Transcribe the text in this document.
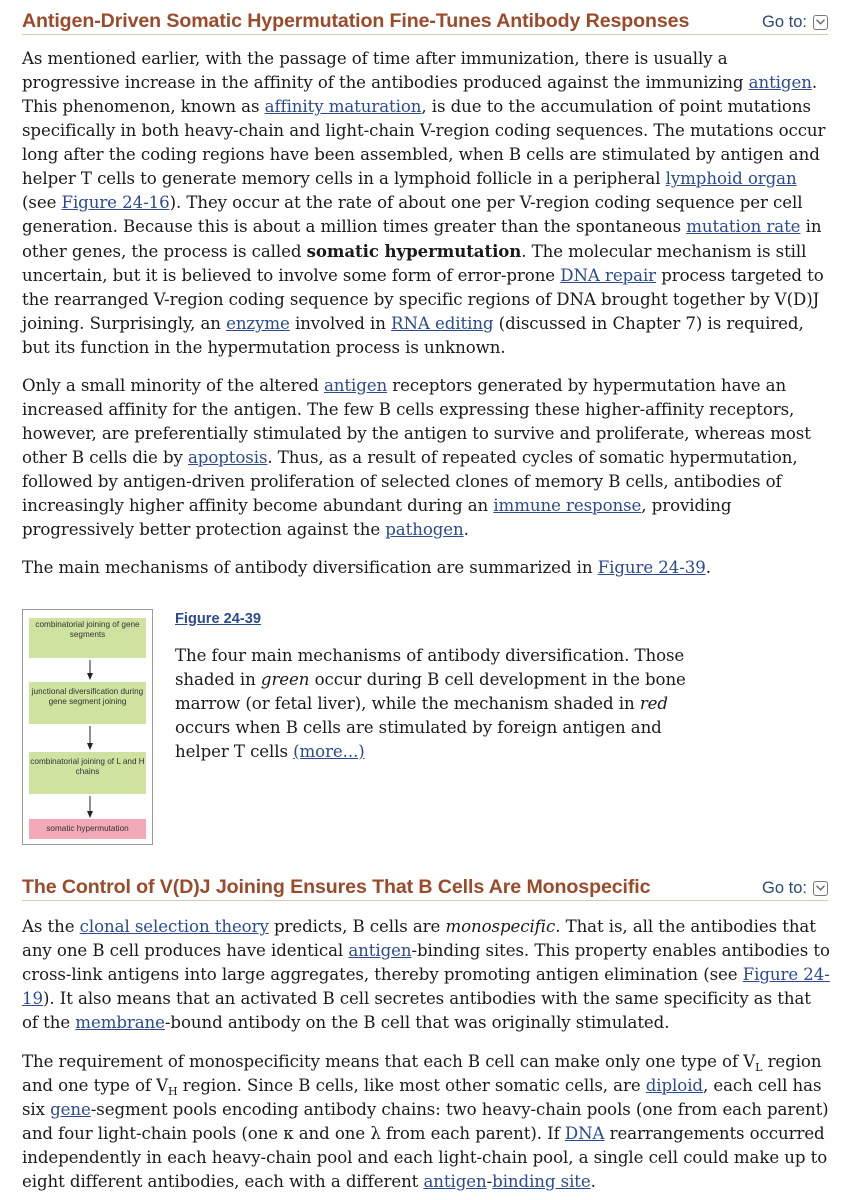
Antigen-Driven Somatic Hypermutation Fine-Tunes Antibody Responses	Go to:

As mentioned earlier, with the passage of time after immunization, there is usually a progressive increase in the affinity of the antibodies produced against the immunizing antigen. This phenomenon, known as affinity maturation, is due to the accumulation of point mutations specifically in both heavy-chain and light-chain V-region coding sequences. The mutations occur long after the coding regions have been assembled, when B cells are stimulated by antigen and helper T cells to generate memory cells in a lymphoid follicle in a peripheral lymphoid organ (see Figure 24-16). They occur at the rate of about one per V-region coding sequence per cell generation. Because this is about a million times greater than the spontaneous mutation rate in other genes, the process is called somatic hypermutation. The molecular mechanism is still uncertain, but it is believed to involve some form of error-prone DNA repair process targeted to the rearranged V-region coding sequence by specific regions of DNA brought together by V(D)J joining. Surprisingly, an enzyme involved in RNA editing (discussed in Chapter 7) is required, but its function in the hypermutation process is unknown.

Only a small minority of the altered antigen receptors generated by hypermutation have an increased affinity for the antigen. The few B cells expressing these higher-affinity receptors, however, are preferentially stimulated by the antigen to survive and proliferate, whereas most other B cells die by apoptosis. Thus, as a result of repeated cycles of somatic hypermutation, followed by antigen-driven proliferation of selected clones of memory B cells, antibodies of increasingly higher affinity become abundant during an immune response, providing progressively better protection against the pathogen.

The main mechanisms of antibody diversification are summarized in Figure 24-39.

combinatorial joining of gene segments
junctional diversification during gene segment joining
combinatorial joining of L and H chains
somatic hypermutation
Figure 24-39
The four main mechanisms of antibody diversification. Those shaded in green occur during B cell development in the bone marrow (or fetal liver), while the mechanism shaded in red occurs when B cells are stimulated by foreign antigen and helper T cells (more...)
The Control of V(D)J Joining Ensures That B Cells Are Monospecific	Go to:

As the clonal selection theory predicts, B cells are monospecific. That is, all the antibodies that any one B cell produces have identical antigen-binding sites. This property enables antibodies to cross-link antigens into large aggregates, thereby promoting antigen elimination (see Figure 24-19). It also means that an activated B cell secretes antibodies with the same specificity as that of the membrane-bound antibody on the B cell that was originally stimulated.

The requirement of monospecificity means that each B cell can make only one type of $V_L$ region and one type of $V_H$ region. Since B cells, like most other somatic cells, are diploid, each cell has six gene-segment pools encoding antibody chains: two heavy-chain pools (one from each parent) and four light-chain pools (one κ and one λ from each parent). If DNA rearrangements occurred independently in each heavy-chain pool and each light-chain pool, a single cell could make up to eight different antibodies, each with a different antigen-binding site.
